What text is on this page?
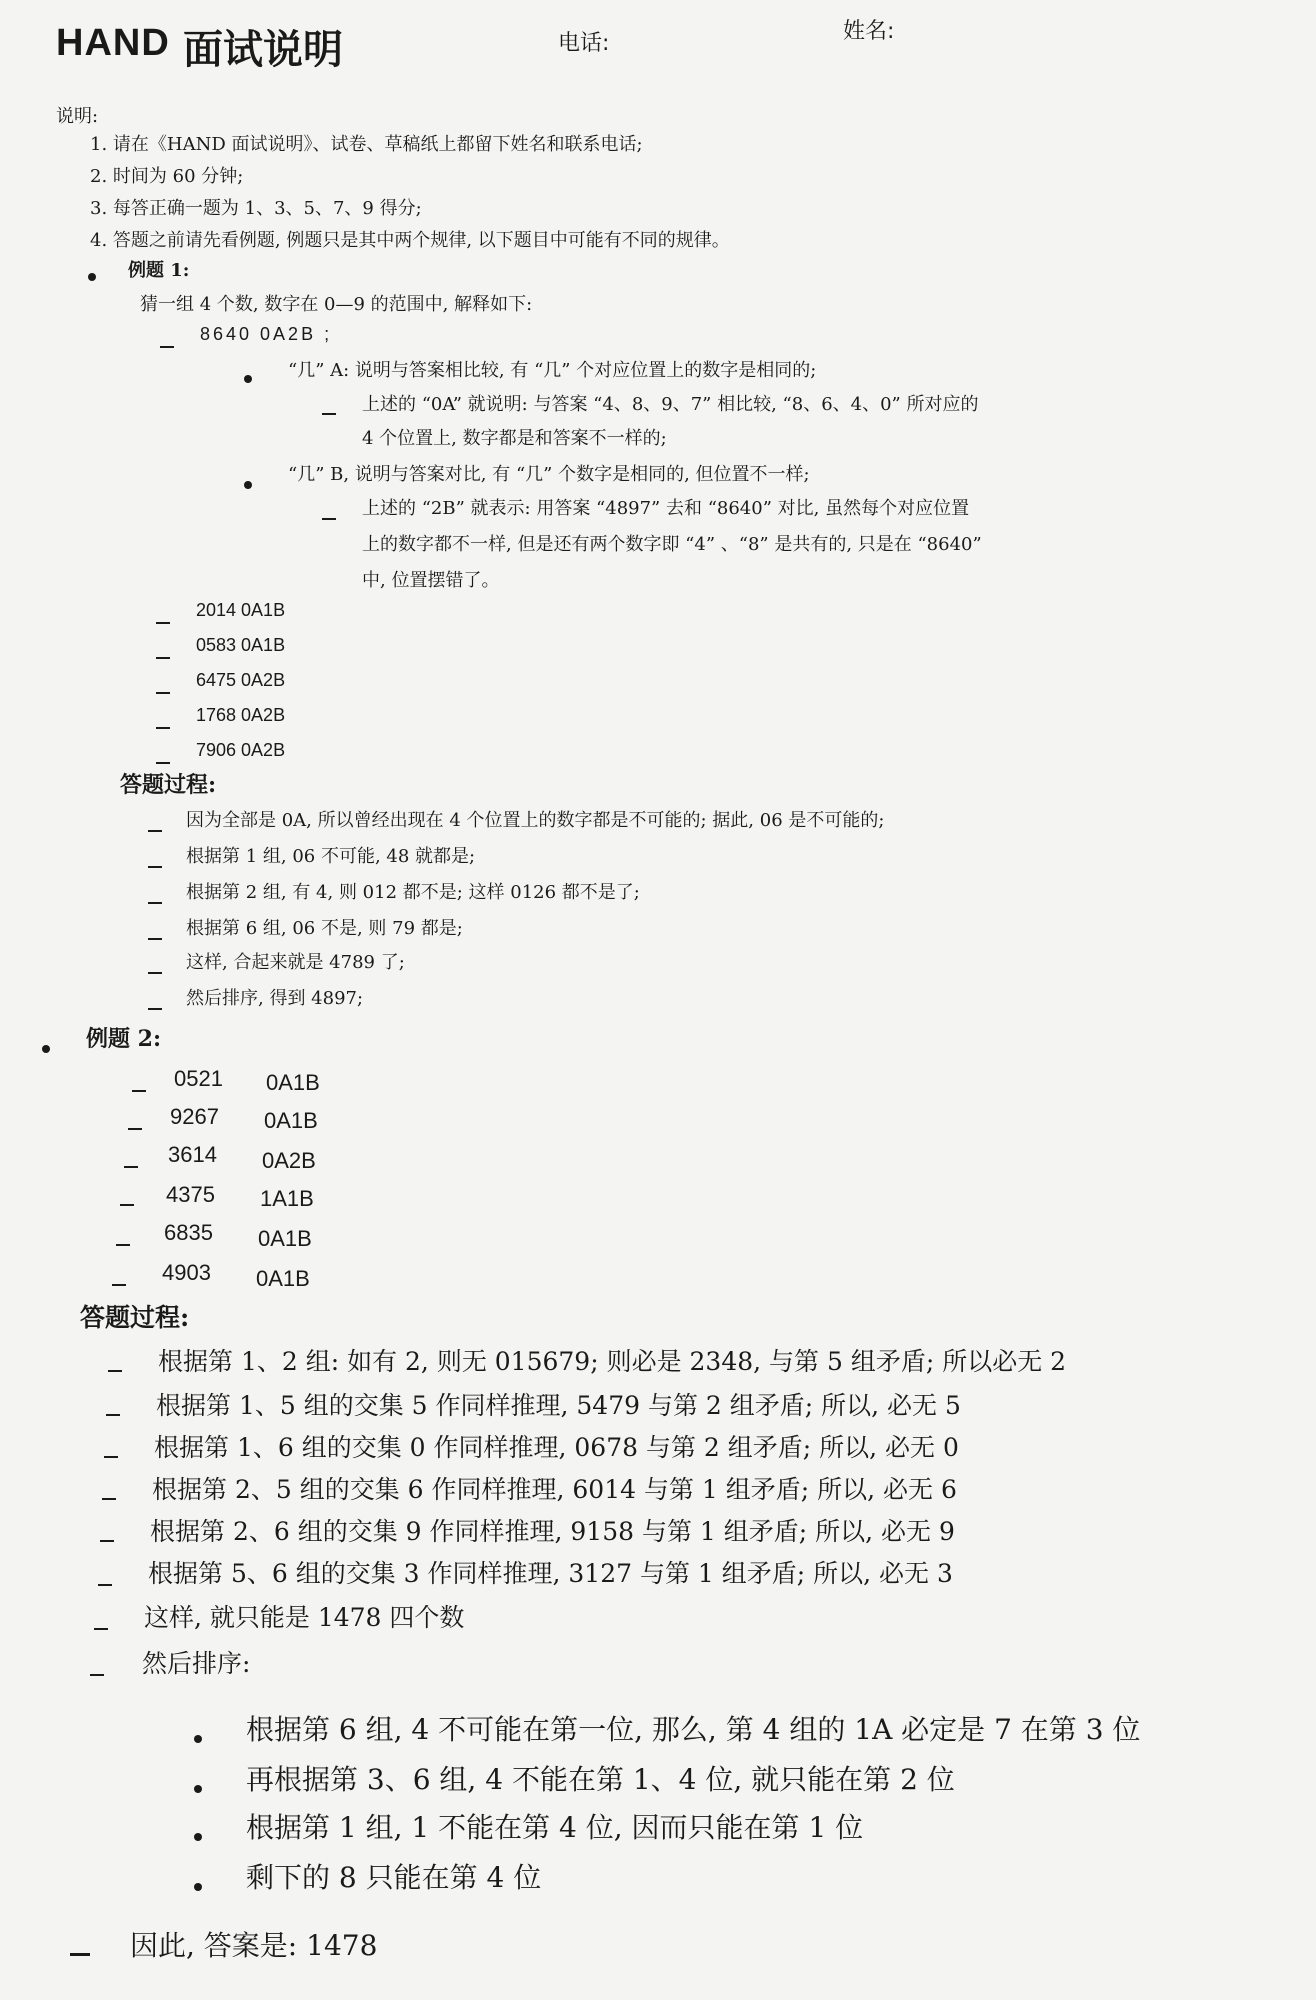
HAND 面试说明	电话:	姓名:
说明:
1. 请在《HAND 面试说明》、试卷、草稿纸上都留下姓名和联系电话;
2. 时间为 60 分钟;
3. 每答正确一题为 1、3、5、7、9 得分;
4. 答题之前请先看例题, 例题只是其中两个规律, 以下题目中可能有不同的规律。
例题 1:
猜一组 4 个数, 数字在 0—9 的范围中, 解释如下:
8640 0A2B ;
“几” A: 说明与答案相比较, 有 “几” 个对应位置上的数字是相同的;
上述的 “0A” 就说明: 与答案 “4、8、9、7” 相比较, “8、6、4、0” 所对应的
4 个位置上, 数字都是和答案不一样的;
“几” B, 说明与答案对比, 有 “几” 个数字是相同的, 但位置不一样;
上述的 “2B” 就表示: 用答案 “4897” 去和 “8640” 对比, 虽然每个对应位置
上的数字都不一样, 但是还有两个数字即 “4” 、“8” 是共有的, 只是在 “8640”
中, 位置摆错了。
2014 0A1B
0583 0A1B
6475 0A2B
1768 0A2B
7906 0A2B
答题过程:
因为全部是 0A, 所以曾经出现在 4 个位置上的数字都是不可能的; 据此, 06 是不可能的;
根据第 1 组, 06 不可能, 48 就都是;
根据第 2 组, 有 4, 则 012 都不是; 这样 0126 都不是了;
根据第 6 组, 06 不是, 则 79 都是;
这样, 合起来就是 4789 了;
然后排序, 得到 4897;
例题 2:
0521 0A1B
9267 0A1B
3614 0A2B
4375 1A1B
6835 0A1B
4903 0A1B
答题过程:
根据第 1、2 组: 如有 2, 则无 015679; 则必是 2348, 与第 5 组矛盾; 所以必无 2
根据第 1、5 组的交集 5 作同样推理, 5479 与第 2 组矛盾; 所以, 必无 5
根据第 1、6 组的交集 0 作同样推理, 0678 与第 2 组矛盾; 所以, 必无 0
根据第 2、5 组的交集 6 作同样推理, 6014 与第 1 组矛盾; 所以, 必无 6
根据第 2、6 组的交集 9 作同样推理, 9158 与第 1 组矛盾; 所以, 必无 9
根据第 5、6 组的交集 3 作同样推理, 3127 与第 1 组矛盾; 所以, 必无 3
这样, 就只能是 1478 四个数
然后排序:
根据第 6 组, 4 不可能在第一位, 那么, 第 4 组的 1A 必定是 7 在第 3 位
再根据第 3、6 组, 4 不能在第 1、4 位, 就只能在第 2 位
根据第 1 组, 1 不能在第 4 位, 因而只能在第 1 位
剩下的 8 只能在第 4 位
因此, 答案是: 1478
